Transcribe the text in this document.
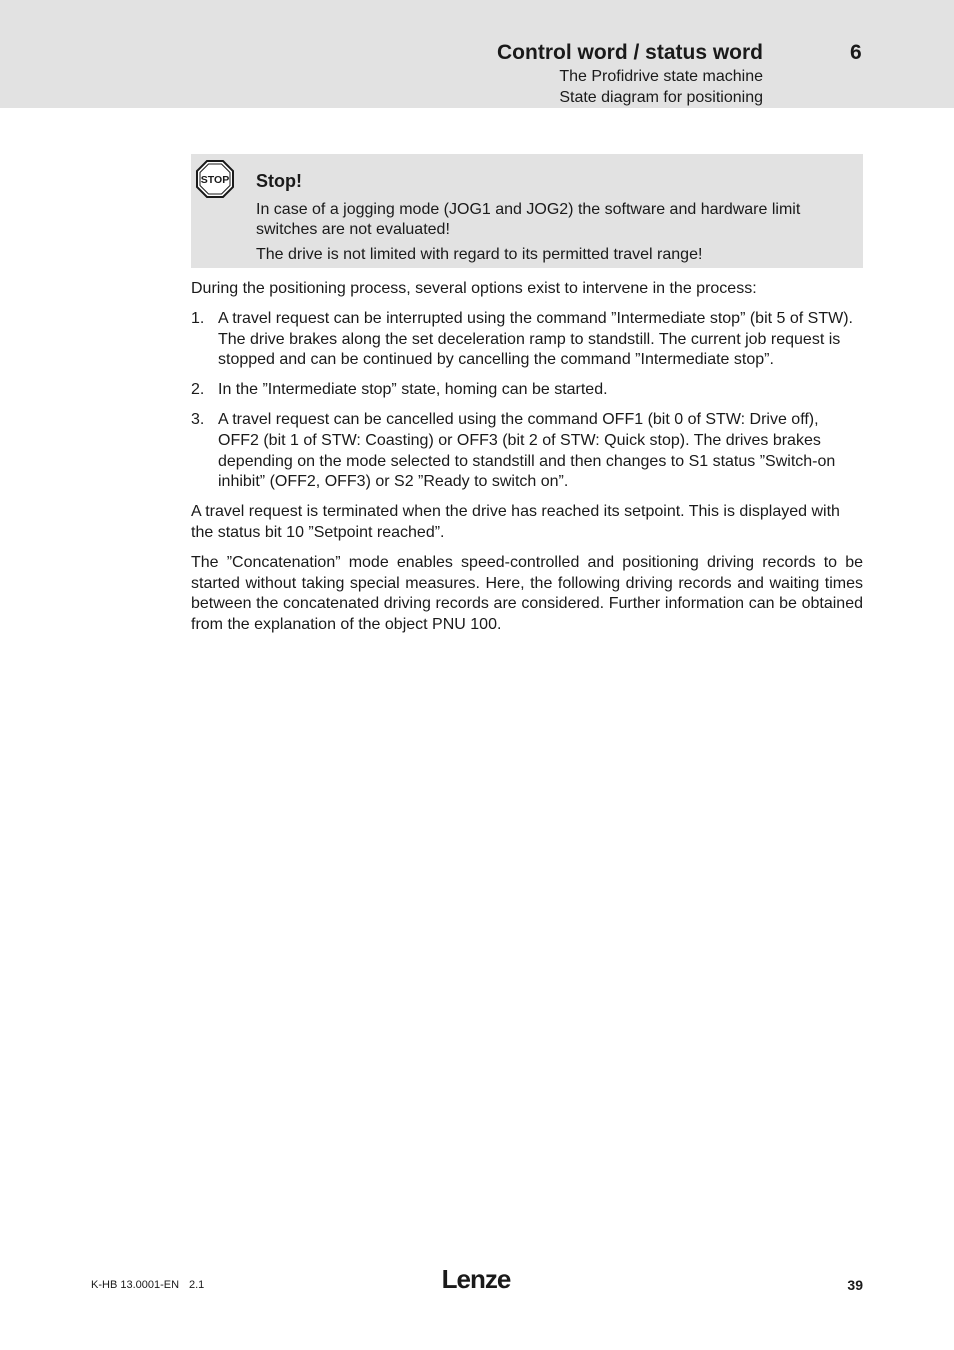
Control word / status word	6
The Profidrive state machine
State diagram for positioning
STOP Stop!
In case of a jogging mode (JOG1 and JOG2) the software and hardware limit switches are not evaluated!
The drive is not limited with regard to its permitted travel range!

During the positioning process, several options exist to intervene in the process:

1. A travel request can be interrupted using the command ”Intermediate stop” (bit 5 of STW). The drive brakes along the set deceleration ramp to standstill. The current job request is stopped and can be continued by cancelling the command ”Intermediate stop”.
2. In the ”Intermediate stop” state, homing can be started.
3. A travel request can be cancelled using the command OFF1 (bit 0 of STW: Drive off), OFF2 (bit 1 of STW: Coasting) or OFF3 (bit 2 of STW: Quick stop). The drives brakes depending on the mode selected to standstill and then changes to S1 status ”Switch-on inhibit” (OFF2, OFF3) or S2 ”Ready to switch on”.

A travel request is terminated when the drive has reached its setpoint. This is displayed with the status bit 10 ”Setpoint reached”.

The ”Concatenation” mode enables speed-controlled and positioning driving records to be started without taking special measures. Here, the following driving records and waiting times between the concatenated driving records are considered. Further information can be obtained from the explanation of the object PNU 100.

K-HB 13.0001-EN 2.1	Lenze	39
